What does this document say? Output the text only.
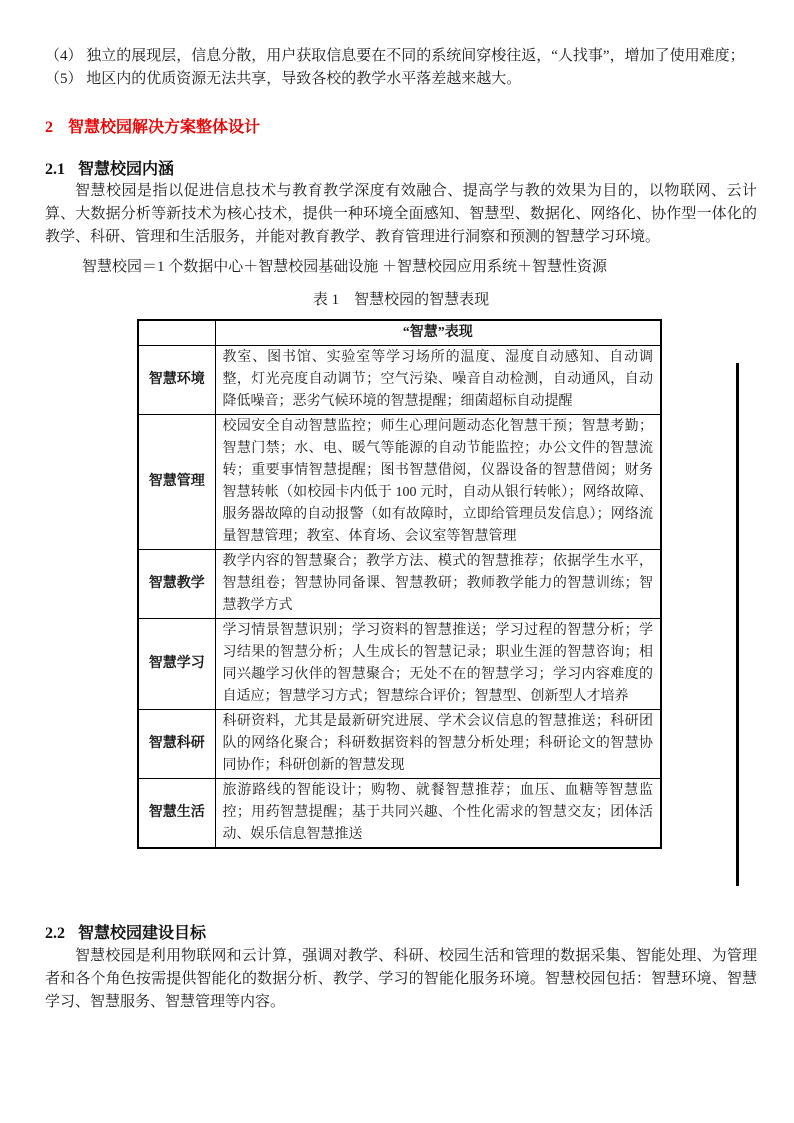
（4） 独立的展现层，信息分散，用户获取信息要在不同的系统间穿梭往返，“人找事”，增加了使用难度；

（5） 地区内的优质资源无法共享，导致各校的教学水平落差越来越大。

2 智慧校园解决方案整体设计
2.1 智慧校园内涵

智慧校园是指以促进信息技术与教育教学深度有效融合、提高学与教的效果为目的，以物联网、云计算、大数据分析等新技术为核心技术，提供一种环境全面感知、智慧型、数据化、网络化、协作型一体化的教学、科研、管理和生活服务，并能对教育教学、教育管理进行洞察和预测的智慧学习环境。

智慧校园＝1 个数据中心＋智慧校园基础设施 ＋智慧校园应用系统＋智慧性资源

表 1　智慧校园的智慧表现

	“智慧”表现
智慧环境	教室、图书馆、实验室等学习场所的温度、湿度自动感知、自动调整，灯光亮度自动调节；空气污染、噪音自动检测，自动通风，自动降低噪音；恶劣气候环境的智慧提醒；细菌超标自动提醒
智慧管理	校园安全自动智慧监控；师生心理问题动态化智慧干预；智慧考勤；智慧门禁；水、电、暖气等能源的自动节能监控；办公文件的智慧流转；重要事情智慧提醒；图书智慧借阅，仪器设备的智慧借阅；财务智慧转帐（如校园卡内低于 100 元时，自动从银行转帐）；网络故障、服务器故障的自动报警（如有故障时，立即给管理员发信息）；网络流量智慧管理；教室、体育场、会议室等智慧管理
智慧教学	教学内容的智慧聚合；教学方法、模式的智慧推荐；依据学生水平，智慧组卷；智慧协同备课、智慧教研；教师教学能力的智慧训练；智慧教学方式
智慧学习	学习情景智慧识别；学习资料的智慧推送；学习过程的智慧分析；学习结果的智慧分析；人生成长的智慧记录；职业生涯的智慧咨询；相同兴趣学习伙伴的智慧聚合；无处不在的智慧学习；学习内容难度的自适应；智慧学习方式；智慧综合评价；智慧型、创新型人才培养
智慧科研	科研资料，尤其是最新研究进展、学术会议信息的智慧推送；科研团队的网络化聚合；科研数据资料的智慧分析处理；科研论文的智慧协同协作；科研创新的智慧发现
智慧生活	旅游路线的智能设计；购物、就餐智慧推荐；血压、血糖等智慧监控；用药智慧提醒；基于共同兴趣、个性化需求的智慧交友；团体活动、娱乐信息智慧推送
2.2 智慧校园建设目标

智慧校园是利用物联网和云计算，强调对教学、科研、校园生活和管理的数据采集、智能处理、为管理者和各个角色按需提供智能化的数据分析、教学、学习的智能化服务环境。智慧校园包括：智慧环境、智慧学习、智慧服务、智慧管理等内容。
